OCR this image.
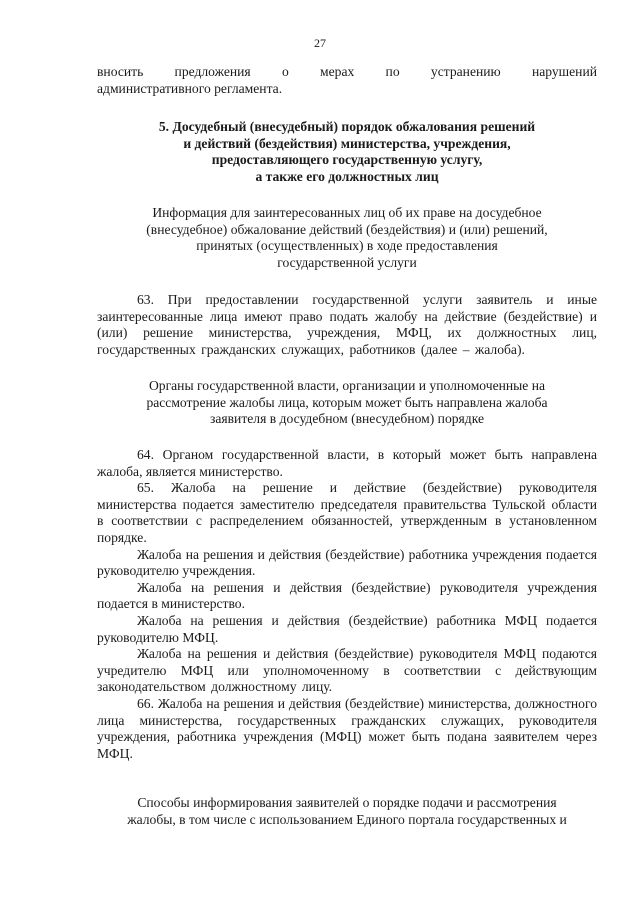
27

вносить предложения о мерах по устранению нарушений

административного регламента.

5. Досудебный (внесудебный) порядок обжалования решений

и действий (бездействия) министерства, учреждения,

предоставляющего государственную услугу,

а также его должностных лиц

Информация для заинтересованных лиц об их праве на досудебное

(внесудебное) обжалование действий (бездействия) и (или) решений,

принятых (осуществленных) в ходе предоставления

государственной услуги

63. При предоставлении государственной услуги заявитель и иные заинтересованные лица имеют право подать жалобу на действие (бездействие) и (или) решение министерства, учреждения, МФЦ, их должностных лиц, государственных гражданских служащих, работников (далее – жалоба).

Органы государственной власти, организации и уполномоченные на

рассмотрение жалобы лица, которым может быть направлена жалоба

заявителя в досудебном (внесудебном) порядке

64. Органом государственной власти, в который может быть направлена жалоба, является министерство.

65. Жалоба на решение и действие (бездействие) руководителя министерства подается заместителю председателя правительства Тульской области в соответствии с распределением обязанностей, утвержденным в установленном порядке.

Жалоба на решения и действия (бездействие) работника учреждения подается руководителю учреждения.

Жалоба на решения и действия (бездействие) руководителя учреждения подается в министерство.

Жалоба на решения и действия (бездействие) работника МФЦ подается руководителю МФЦ.

Жалоба на решения и действия (бездействие) руководителя МФЦ подаются учредителю МФЦ или уполномоченному в соответствии с действующим законодательством должностному лицу.

66. Жалоба на решения и действия (бездействие) министерства, должностного лица министерства, государственных гражданских служащих, руководителя учреждения, работника учреждения (МФЦ) может быть подана заявителем через МФЦ.

Способы информирования заявителей о порядке подачи и рассмотрения

жалобы, в том числе с использованием Единого портала государственных и
